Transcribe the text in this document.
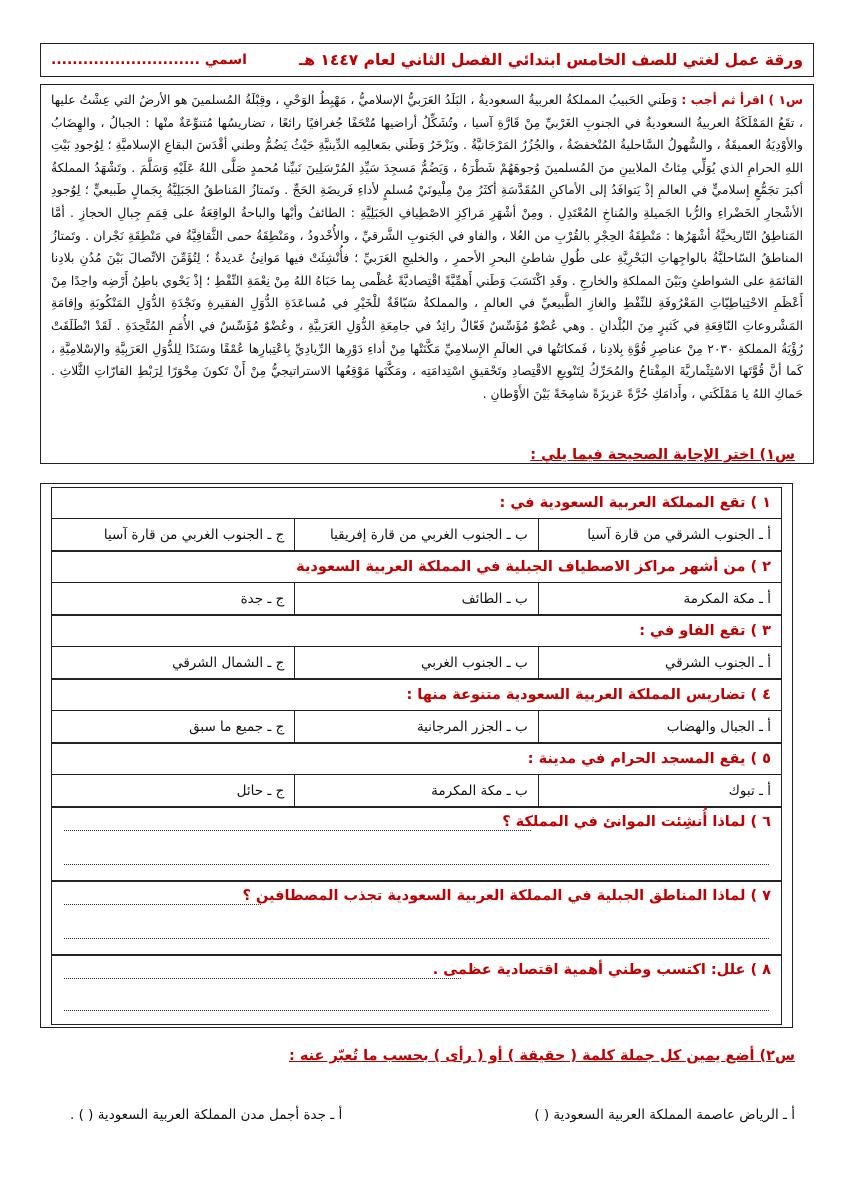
ورقة عمل لغتي للصف الخامس ابتدائي الفصل الثاني لعام ١٤٤٧ هـ
اسمي ............................
س١ ) اقرأ ثم أجب : وَطَني الحَبيبُ المملكةُ العربيةُ السعوديةُ ، البَلَدُ العَرَبيُّ الإسلاميُّ ، مَهْبِطُ الوَحْيِ ، وقِبْلَةُ المُسلمينَ هو الأرضُ التي عِشْتُ عليها ، تقَعُ المَمْلَكَةُ العربيةُ السعوديةُ في الجنوبِ الغَرْبيِّ مِنْ قَارَّةِ آسيا ، وتُشَكِّلُ أراضيها مُتْحَفًا جُغرافيًا رائعًا ، تضاريسُها مُتنوِّعَةٌ منْها : الجبالُ ، والهِضَابُ والأوْدِيَةُ العميقَةُ ، والسُّهولُ السَّاحليةُ المُنْخفضَةُ ، والجُزُرُ المَرْجَانيَّةُ . ويَزْخَرُ وَطَني بمَعالِمِه الدِّينيَّةِ حَيْثُ يَضُمُّ وطني أقْدَسَ البقاعِ الإسلاميَّةِ ؛ لِوُجودِ بَيْتِ اللهِ الحرامِ الذي يُوَلِّي مِئاتُ الملايينِ منَ المُسلمينَ وُجوهَهُمْ شَطْرَهُ ، وَيَضُمُّ مَسجِدَ سَيِّدِ المُرْسَلِينَ نَبيِّنا مُحمدٍ صَلَّى اللهُ عَلَيْهِ وَسَلَّمَ . وتَشْهَدُ المملكةُ أكبرَ تجَمُّعٍ إسلاميٍّ في العالمِ إذْ يَتوافَدُ إلى الأماكنِ المُقَدَّسَةِ أكثَرُ مِنْ مِلْيونَيْ مُسلمٍ لأداءِ فَريضَةِ الحَجِّ . وتَمتازُ المَناطقُ الجَبَلِيَّةُ بِجَمالٍ طَبيعيٍّ ؛ لِوُجودِ الأشْجارِ الخَضْراءِ والرُّبا الجَميلةِ والمُناخِ المُعْتَدِلِ . ومِنْ أشْهَرِ مَراكِزِ الاصْطِيافِ الجَبَلِيَّةِ : الطائفُ وأبْها والباحةُ الواقِعَةُ على قِمَمِ جِبالِ الحجازِ . أمَّا المَناطِقُ التّاريخيَّةُ أشْهَرُها : مَنْطِقَةُ الحِجْرِ بالقُرْبِ من العُلا ، والفاو في الجَنوبِ الشَّرقيِّ ، والأُخْدودُ ، ومَنْطِقَةُ حمى الثَّقافِيَّةُ في مَنْطِقَةِ نَجْران . وتَمتازُ المناطقُ السّاحليَّةُ بالواجِهاتِ البَحْرِيَّةِ على طُولِ شاطئِ البحرِ الأحمرِ ، والخليجِ العَرَبيِّ ؛ فأُنْشِئَتْ فيها مَوانِئُ عَديدةٌ ؛ لِتُؤَمِّنَ الاتِّصالَ بَيْنَ مُدُنِ بلادِنا القائمَةِ على الشواطئِ وبَيْنَ المملكةِ والخارجِ . وقَدِ اكْتَسَبَ وَطَني أَهمِّيَّةً اقْتِصاديَّةً عُظْمى بِما حَبَاهُ اللهُ مِنْ نِعْمَةِ النِّفْطِ ؛ إذْ يَحْوي باطِنُ أَرْضِه واحِدًا مِنْ أَعْظَمِ الاحْتِياطِيّاتِ المَعْرُوفَةِ للنِّفْطِ والغازِ الطَّبيعيِّ في العالمِ ، والمملكةُ سَبّاقَةٌ للْخَيْرِ في مُساعَدَةِ الدُّوَلِ الفقيرةِ ونَجْدَةِ الدُّوَلِ المَنْكُوبَةِ وإقامَةِ المَشْروعاتِ النّافِعَةِ في كَثيرٍ مِنَ البُلْدانِ . وهي عُضْوٌ مُؤَسِّسٌ فَعّالٌ رائِدٌ في جامِعَةِ الدُّوَلِ العَرَبيَّةِ ، وعُضْوٌ مُؤَسِّسٌ في الأُمَمِ المُتَّحِدَةِ . لَقَدْ انْطَلَقَتْ رُؤْيَةُ المملكةِ ٢٠٣٠ مِنْ عناصِرِ قُوَّةِ بِلادِنا ، فَمكانَتُها في العالَمِ الإِسلامِيِّ مَكَّنَتْها مِنْ أداءِ دَوْرِها الرِّيادِيِّ بِاعْتِبارِها عُمْقًا وسَنَدًا لِلدُّوَلِ العَرَبِيَّةِ والإسْلامِيَّةِ ، كَما أنَّ قُوَّتَها الاسْتِثْماريَّةَ المِفْتاحُ والمُحَرِّكُ لِتَنْويعِ الاقْتِصادِ وتَحْقيقِ اسْتِدامَتِه ، ومَكَّنَها مَوْقِعُها الاستراتيجيُّ مِنْ أَنْ تَكونَ مِحْوَرًا لِرَبْطِ القارّاتِ الثَّلاثِ . حَماكِ اللهُ يا مَمْلَكَتي ، وأَدامَكِ حُرَّةً عَزيزَةً شامِخَةً بَيْنَ الأَوْطانِ .
س١) اختر الإجابة الصحيحة فيما يلي :
١ ) تقع المملكة العربية السعودية في :
أ ـ الجنوب الشرقي من قارة آسيا
ب ـ الجنوب الغربي من قارة إفريقيا
ج ـ الجنوب الغربي من قارة آسيا
٢ ) من أشهر مراكز الاصطياف الجبلية في المملكة العربية السعودية
أ ـ مكة المكرمة
ب ـ الطائف
ج ـ جدة
٣ ) تقع الفاو في :
أ ـ الجنوب الشرقي
ب ـ الجنوب الغربي
ج ـ الشمال الشرقي
٤ ) تضاريس المملكة العربية السعودية متنوعة منها :
أ ـ الجبال والهضاب
ب ـ الجزر المرجانية
ج ـ جميع ما سبق
٥ ) يقع المسجد الحرام في مدينة :
أ ـ تبوك
ب ـ مكة المكرمة
ج ـ حائل
٦ ) لماذا أُنشِئت الموانئ في المملكة ؟
٧ ) لماذا المناطق الجبلية في المملكة العربية السعودية تجذب المصطافين ؟
٨ ) علل: اكتسب وطني أهمية اقتصادية عظمى .
س٢) أضع يمين كل جملة كلمة ( حقيقة ) أو ( رأى ) بحسب ما تُعبّر عنه :
أ ـ الرياض عاصمة المملكة العربية السعودية ( )
أ ـ جدة أجمل مدن المملكة العربية السعودية ( ) .
